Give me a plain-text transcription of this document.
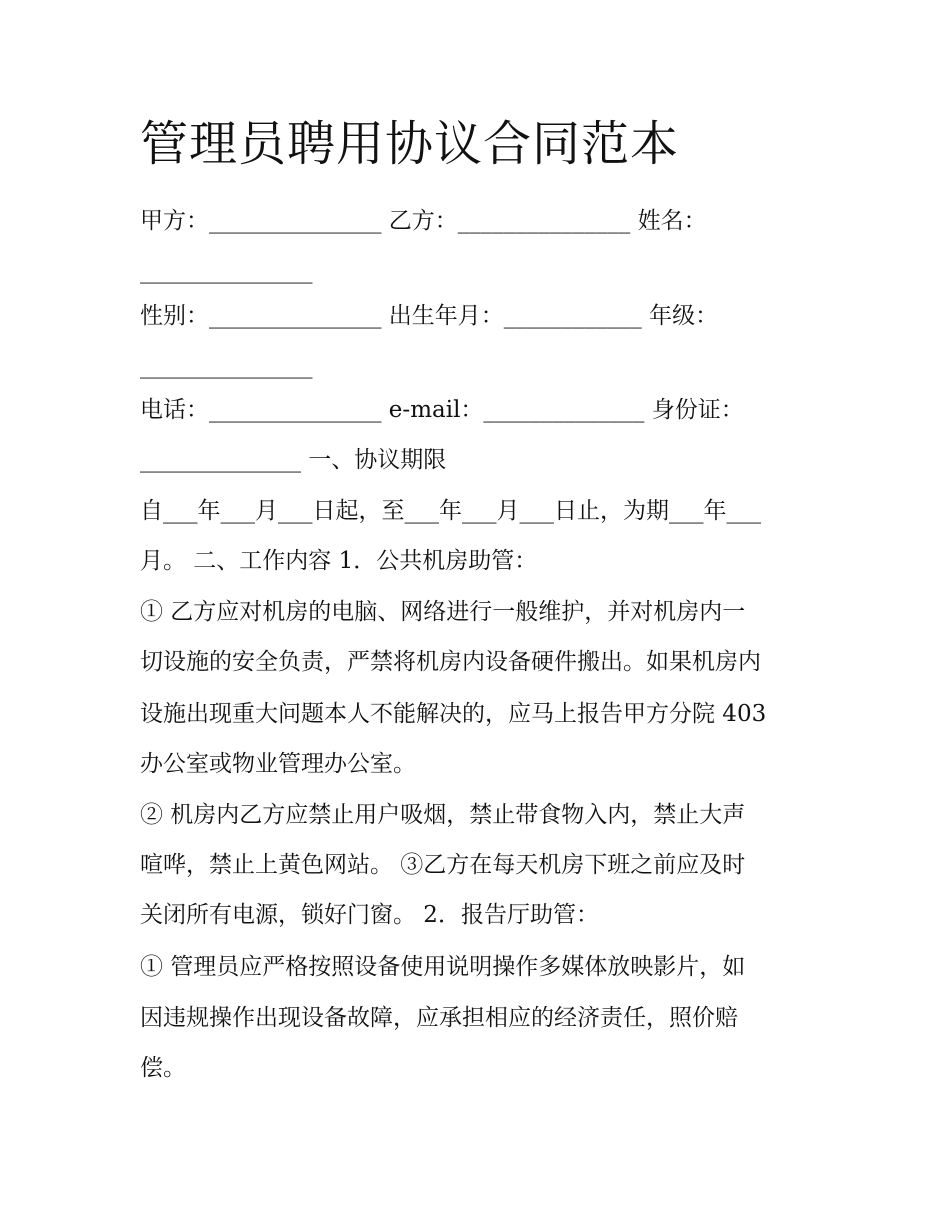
管理员聘用协议合同范本
甲方：_______________ 乙方：_______________ 姓名：
_______________
性别：_______________ 出生年月：____________ 年级：
_______________
电话：_______________ e-mail：______________ 身份证：
______________ 一、协议期限
自___年___月___日起，至___年___月___日止，为期___年___
月。 二、工作内容 1．公共机房助管：
① 乙方应对机房的电脑、网络进行一般维护，并对机房内一
切设施的安全负责，严禁将机房内设备硬件搬出。如果机房内
设施出现重大问题本人不能解决的，应马上报告甲方分院 403
办公室或物业管理办公室。
② 机房内乙方应禁止用户吸烟，禁止带食物入内，禁止大声
喧哗，禁止上黄色网站。 ③乙方在每天机房下班之前应及时
关闭所有电源，锁好门窗。 2．报告厅助管：
① 管理员应严格按照设备使用说明操作多媒体放映影片，如
因违规操作出现设备故障，应承担相应的经济责任，照价赔
偿。
